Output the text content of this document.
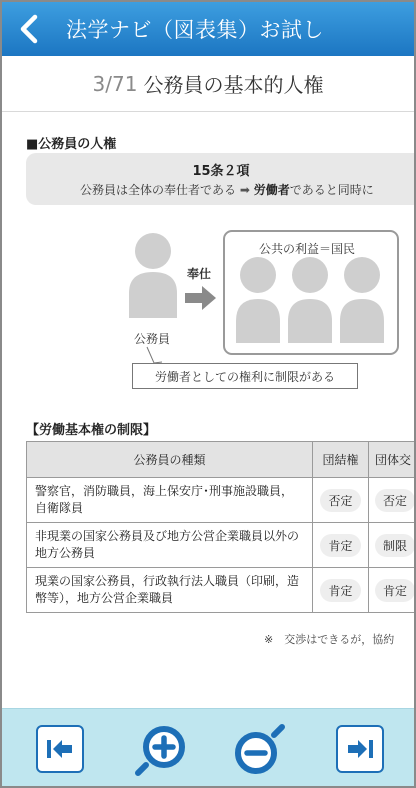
法学ナビ（図表集）お試し
3/71 公務員の基本的人権
■公務員の人権
15条２項
公務員は全体の奉仕者である ➡ 労働者であると同時に
公共の利益＝国民
奉仕
公務員
労働者としての権利に制限がある
【労働基本権の制限】
公務員の種類	団結権	団体交
警察官，消防職員，海上保安庁･刑事施設職員，自衛隊員	否定	否定
非現業の国家公務員及び地方公営企業職員以外の地方公務員	肯定	制限
現業の国家公務員，行政執行法人職員（印刷，造幣等），地方公営企業職員	肯定	肯定
※　交渉はできるが，協約
